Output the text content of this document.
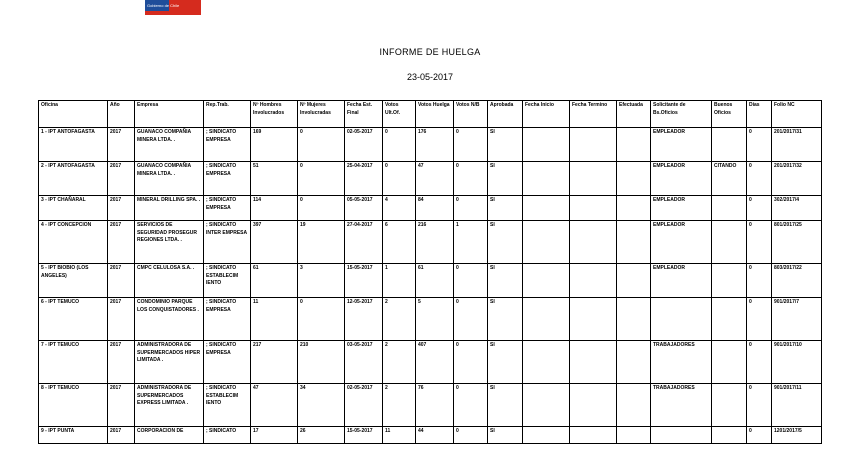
Gobierno de Chile
INFORME DE HUELGA
23-05-2017
Oficina	Año	Empresa	Rep.Trab.	Nº Hombres Involucrados	Nº Mujeres Involucradas	Fecha Est. Final	Votos Ult.Of.	Votos Huelga	Votos N/B	Aprobada	Fecha Inicio	Fecha Termino	Efectuada	Solicitante de Bs.Oficios	Buenos Oficios	Días	Folio NC
1 - IPT ANTOFAGASTA	2017	GUANACO COMPAÑIA MINERA LTDA. .	; SINDICATO EMPRESA	169	0	02-05-2017	0	176	0	SI				EMPLEADOR		0	201/2017/31
2 - IPT ANTOFAGASTA	2017	GUANACO COMPAÑIA MINERA LTDA. .	; SINDICATO EMPRESA	51	0	25-04-2017	0	47	0	SI				EMPLEADOR	CITANDO	0	201/2017/32
3 - IPT CHAÑARAL	2017	MINERAL DRILLING SPA. .	; SINDICATO EMPRESA	114	0	05-05-2017	4	84	0	SI				EMPLEADOR		0	302/2017/4
4 - IPT CONCEPCION	2017	SERVICIOS DE SEGURIDAD PROSEGUR REGIONES LTDA. .	; SINDICATO INTER EMPRESA	397	19	27-04-2017	6	216	1	SI				EMPLEADOR		0	801/2017/25
5 - IPT BIOBIO (LOS ANGELES)	2017	CMPC CELULOSA S.A. .	; SINDICATO ESTABLECIM IENTO	61	3	15-05-2017	1	61	0	SI				EMPLEADOR		0	803/2017/22
6 - IPT TEMUCO	2017	CONDOMINIO PARQUE LOS CONQUISTADORES .	; SINDICATO EMPRESA	11	0	12-05-2017	2	5	0	SI						0	901/2017/7
7 - IPT TEMUCO	2017	ADMINISTRADORA DE SUPERMERCADOS HIPER LIMITADA .	; SINDICATO EMPRESA	217	210	03-05-2017	2	407	0	SI				TRABAJADORES		0	901/2017/10
8 - IPT TEMUCO	2017	ADMINISTRADORA DE SUPERMERCADOS EXPRESS LIMITADA .	; SINDICATO ESTABLECIM IENTO	47	34	02-05-2017	2	76	0	SI				TRABAJADORES		0	901/2017/11
9 - IPT PUNTA	2017	CORPORACION DE	; SINDICATO	17	26	15-05-2017	11	44	0	SI						0	1201/2017/5
